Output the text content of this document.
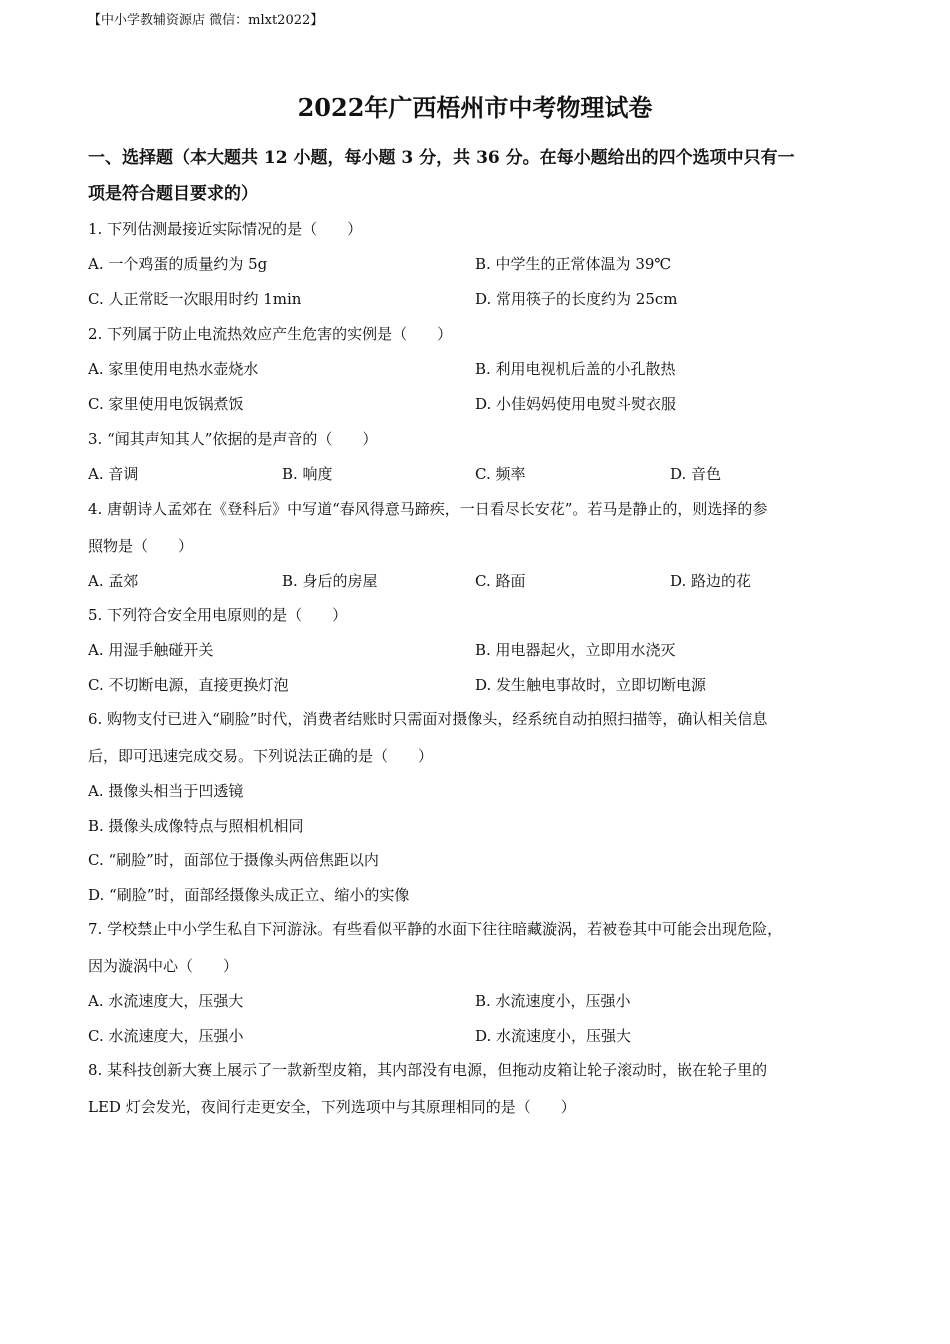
【中小学教辅资源店 微信：mlxt2022】
2022年广西梧州市中考物理试卷
一、选择题（本大题共 12 小题，每小题 3 分，共 36 分。在每小题给出的四个选项中只有一
项是符合题目要求的）
1. 下列估测最接近实际情况的是（　　）
A. 一个鸡蛋的质量约为 5g	B. 中学生的正常体温为 39℃
C. 人正常眨一次眼用时约 1min	D. 常用筷子的长度约为 25cm
2. 下列属于防止电流热效应产生危害的实例是（　　）
A. 家里使用电热水壶烧水	B. 利用电视机后盖的小孔散热
C. 家里使用电饭锅煮饭	D. 小佳妈妈使用电熨斗熨衣服
3. “闻其声知其人”依据的是声音的（　　）
A. 音调	B. 响度	C. 频率	D. 音色
4. 唐朝诗人孟郊在《登科后》中写道“春风得意马蹄疾，一日看尽长安花”。若马是静止的，则选择的参
照物是（　　）
A. 孟郊	B. 身后的房屋	C. 路面	D. 路边的花
5. 下列符合安全用电原则的是（　　）
A. 用湿手触碰开关	B. 用电器起火，立即用水浇灭
C. 不切断电源，直接更换灯泡	D. 发生触电事故时，立即切断电源
6. 购物支付已进入“刷脸”时代，消费者结账时只需面对摄像头，经系统自动拍照扫描等，确认相关信息
后，即可迅速完成交易。下列说法正确的是（　　）
A. 摄像头相当于凹透镜
B. 摄像头成像特点与照相机相同
C. “刷脸”时，面部位于摄像头两倍焦距以内
D. “刷脸”时，面部经摄像头成正立、缩小的实像
7. 学校禁止中小学生私自下河游泳。有些看似平静的水面下往往暗藏漩涡，若被卷其中可能会出现危险，
因为漩涡中心（　　）
A. 水流速度大，压强大	B. 水流速度小，压强小
C. 水流速度大，压强小	D. 水流速度小，压强大
8. 某科技创新大赛上展示了一款新型皮箱，其内部没有电源，但拖动皮箱让轮子滚动时，嵌在轮子里的
LED 灯会发光，夜间行走更安全，下列选项中与其原理相同的是（　　）
